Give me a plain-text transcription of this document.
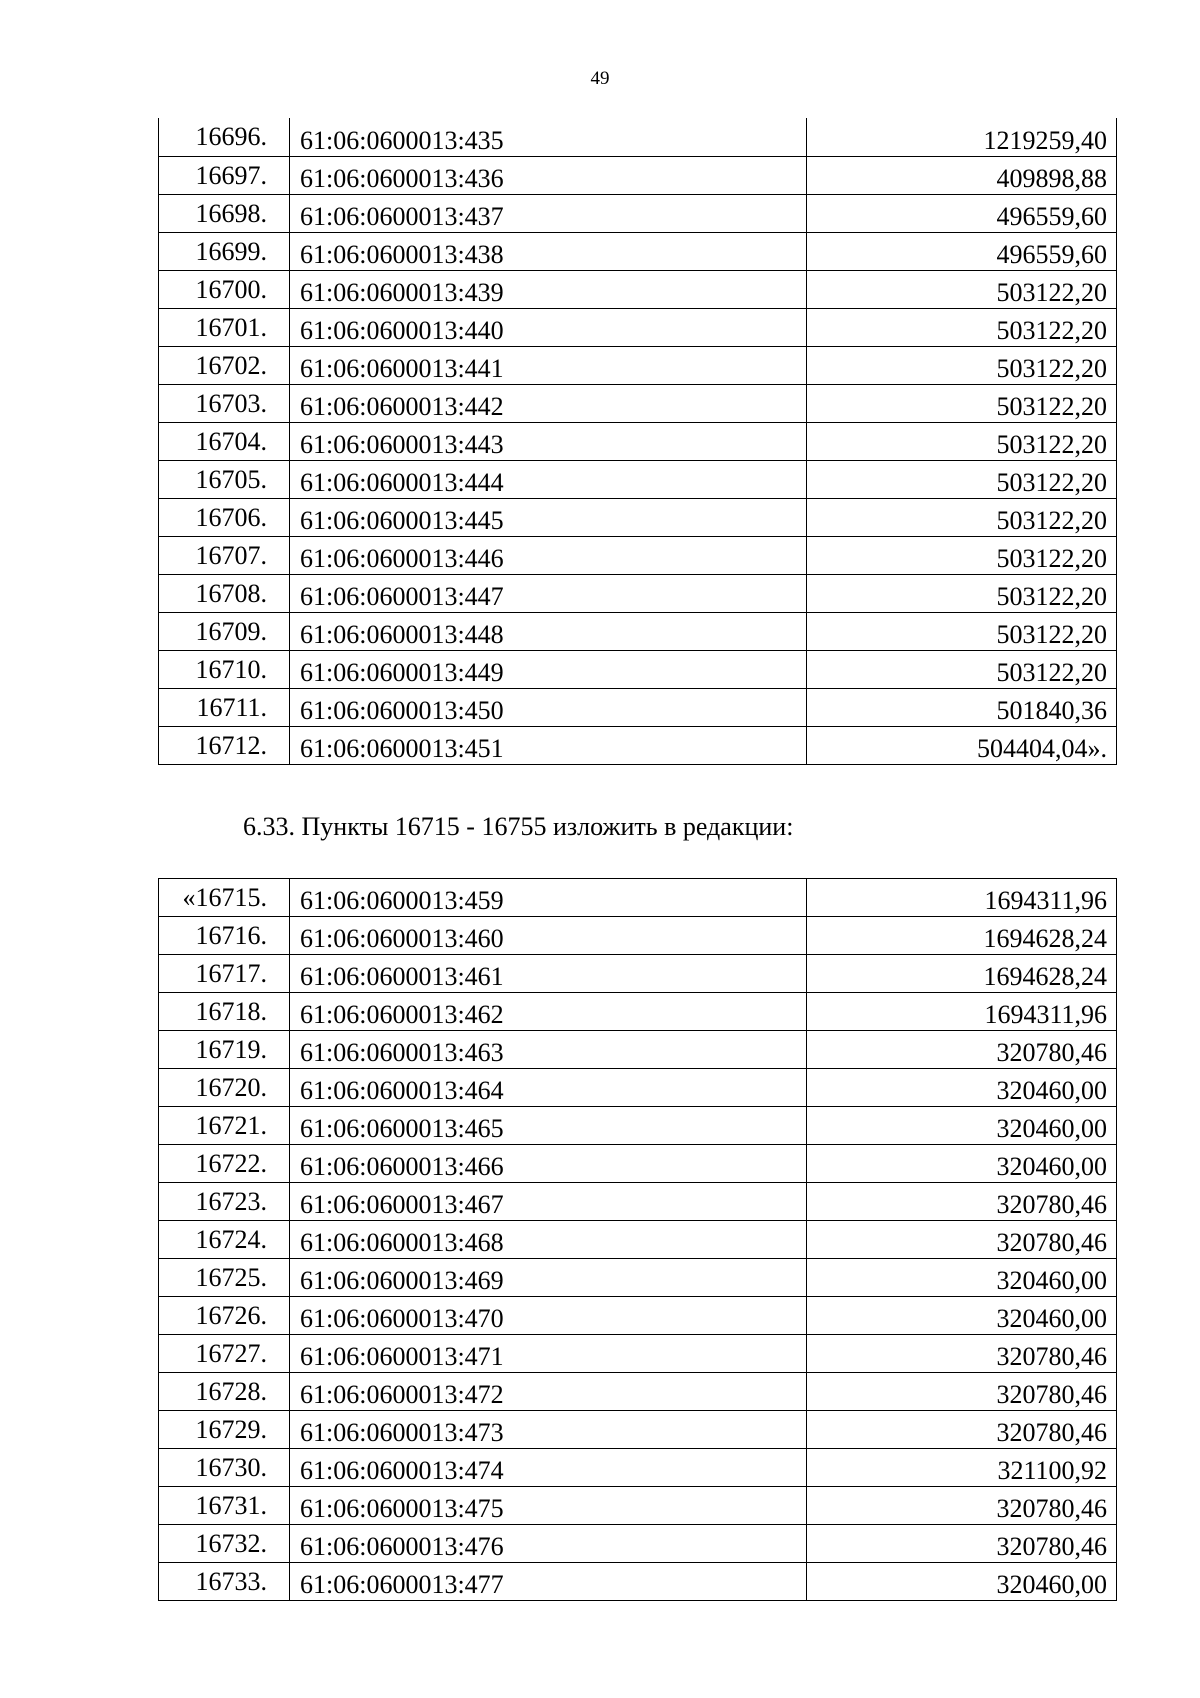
49
16696.	61:06:0600013:435	1219259,40
16697.	61:06:0600013:436	409898,88
16698.	61:06:0600013:437	496559,60
16699.	61:06:0600013:438	496559,60
16700.	61:06:0600013:439	503122,20
16701.	61:06:0600013:440	503122,20
16702.	61:06:0600013:441	503122,20
16703.	61:06:0600013:442	503122,20
16704.	61:06:0600013:443	503122,20
16705.	61:06:0600013:444	503122,20
16706.	61:06:0600013:445	503122,20
16707.	61:06:0600013:446	503122,20
16708.	61:06:0600013:447	503122,20
16709.	61:06:0600013:448	503122,20
16710.	61:06:0600013:449	503122,20
16711.	61:06:0600013:450	501840,36
16712.	61:06:0600013:451	504404,04».
6.33. Пункты 16715 - 16755 изложить в редакции:
«16715.	61:06:0600013:459	1694311,96
16716.	61:06:0600013:460	1694628,24
16717.	61:06:0600013:461	1694628,24
16718.	61:06:0600013:462	1694311,96
16719.	61:06:0600013:463	320780,46
16720.	61:06:0600013:464	320460,00
16721.	61:06:0600013:465	320460,00
16722.	61:06:0600013:466	320460,00
16723.	61:06:0600013:467	320780,46
16724.	61:06:0600013:468	320780,46
16725.	61:06:0600013:469	320460,00
16726.	61:06:0600013:470	320460,00
16727.	61:06:0600013:471	320780,46
16728.	61:06:0600013:472	320780,46
16729.	61:06:0600013:473	320780,46
16730.	61:06:0600013:474	321100,92
16731.	61:06:0600013:475	320780,46
16732.	61:06:0600013:476	320780,46
16733.	61:06:0600013:477	320460,00
